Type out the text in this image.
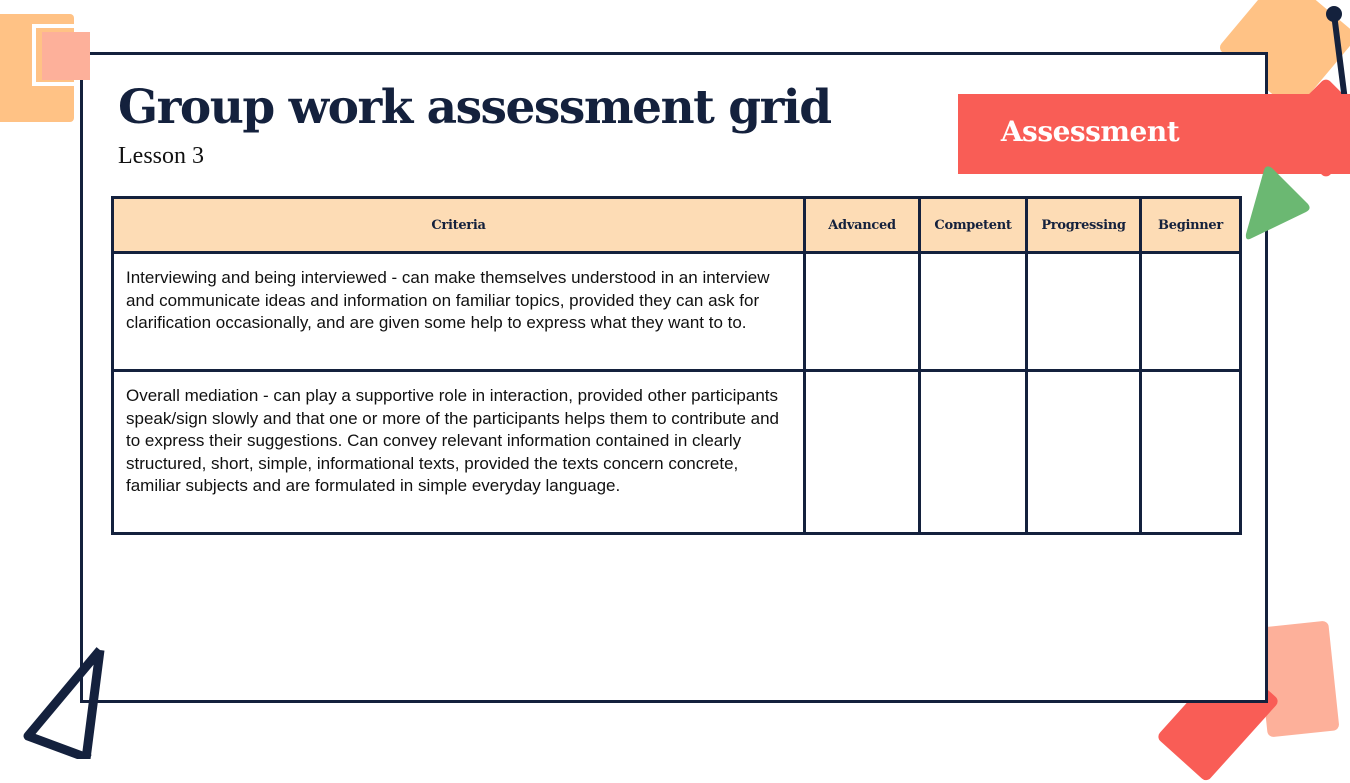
Group work assessment grid
Lesson 3
Assessment
Criteria	Advanced	Competent	Progressing	Beginner
Interviewing and being interviewed - can make themselves understood in an interview and communicate ideas and information on familiar topics, provided they can ask for clarification occasionally, and are given some help to express what they want to to.				
Overall mediation - can play a supportive role in interaction, provided other participants speak/sign slowly and that one or more of the participants helps them to contribute and to express their suggestions. Can convey relevant information contained in clearly structured, short, simple, informational texts, provided the texts concern concrete, familiar subjects and are formulated in simple everyday language.				
